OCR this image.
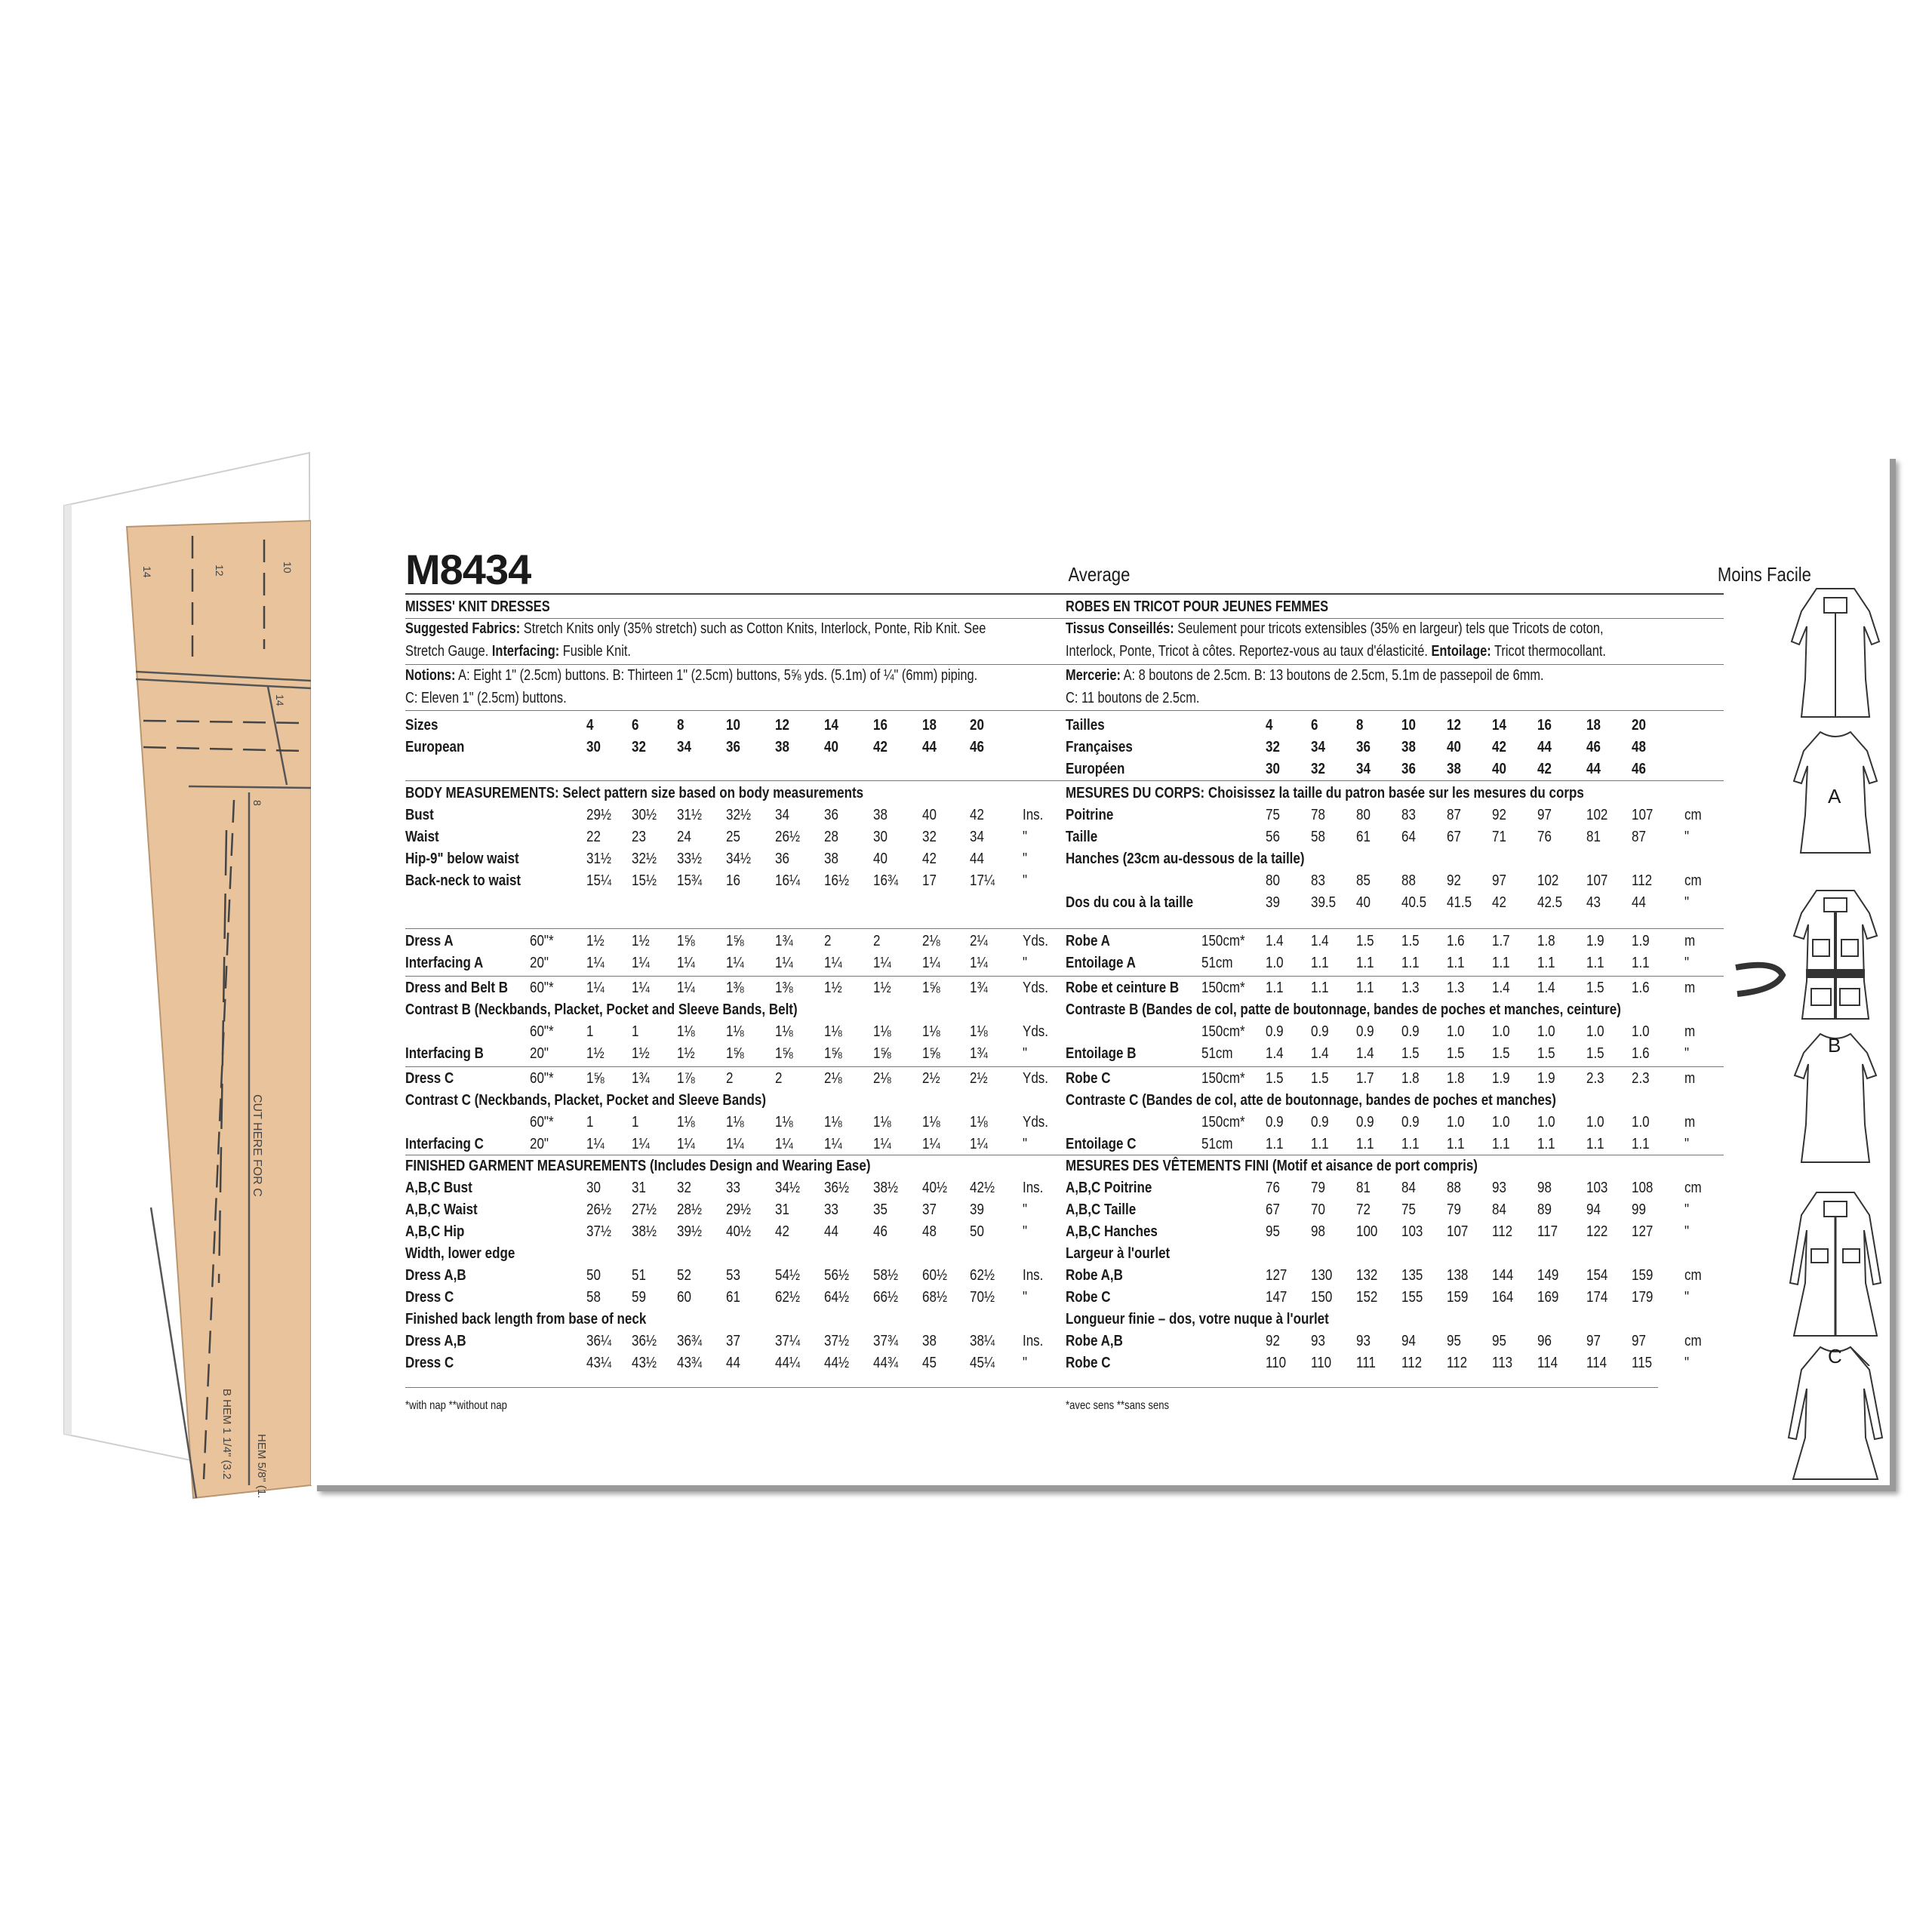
14	12	10
14
8
CUT HERE FOR C
B HEM 1 1/4" (3.2 HEM 5/8" (1.
M8434	Average
MISSES' KNIT DRESSES
Suggested Fabrics: Stretch Knits only (35% stretch) such as Cotton Knits, Interlock, Ponte, Rib Knit. See
Stretch Gauge. Interfacing: Fusible Knit.
Notions: A: Eight 1" (2.5cm) buttons. B: Thirteen 1" (2.5cm) buttons, 5⅝ yds. (5.1m) of ¼" (6mm) piping.
C: Eleven 1" (2.5cm) buttons.
Sizes	4	6	8	10 12 14 16 18 20
European	30 32 34 36 38 40 42 44 46
BODY MEASUREMENTS: Select pattern size based on body measurements
Bust	29½ 30½ 31½ 32½ 34 36 38 40 42	Ins.
Waist	22 23 24 25 26½ 28 30 32 34	"
Hip-9" below waist	31½ 32½ 33½ 34½ 36 38 40 42 44	"
Back-neck to waist	15¼ 15½ 15¾ 16 16¼ 16½ 16¾ 17 17¼ "
Dress A	60"* 1½ 1½ 1⅝ 1⅝ 1¾ 2	2	2⅛ 2¼ Yds.
Interfacing A	20"	1¼ 1¼ 1¼ 1¼ 1¼ 1¼ 1¼ 1¼ 1¼ "
Dress and Belt B 60"* 1¼ 1¼ 1¼ 1⅜ 1⅜ 1½ 1½ 1⅝ 1¾ Yds.
Contrast B (Neckbands, Placket, Pocket and Sleeve Bands, Belt)
60"* 1	1	1⅛ 1⅛ 1⅛ 1⅛ 1⅛ 1⅛ 1⅛ Yds.
Interfacing B	20"	1½ 1½ 1½ 1⅝ 1⅝ 1⅝ 1⅝ 1⅝ 1¾ "
Dress C	60"* 1⅝ 1¾ 1⅞ 2	2	2⅛ 2⅛ 2½ 2½ Yds.
Contrast C (Neckbands, Placket, Pocket and Sleeve Bands)
60"* 1	1	1⅛ 1⅛ 1⅛ 1⅛ 1⅛ 1⅛ 1⅛ Yds.
Interfacing C	20"	1¼ 1¼ 1¼ 1¼ 1¼ 1¼ 1¼ 1¼ 1¼ "
FINISHED GARMENT MEASUREMENTS (Includes Design and Wearing Ease)
A,B,C Bust	30 31 32 33 34½ 36½ 38½ 40½ 42½ Ins.
A,B,C Waist	26½ 27½ 28½ 29½ 31 33 35 37 39	"
A,B,C Hip	37½ 38½ 39½ 40½ 42 44 46 48 50	"
Width, lower edge
Dress A,B	50 51 52 53 54½ 56½ 58½ 60½ 62½ Ins.
Dress C	58 59 60 61 62½ 64½ 66½ 68½ 70½ "
Finished back length from base of neck
Dress A,B	36¼ 36½ 36¾ 37 37¼ 37½ 37¾ 38 38¼ Ins.
Dress C	43¼ 43½ 43¾ 44 44¼ 44½ 44¾ 45 45¼ "
*with nap **without nap
Moins Facile
ROBES EN TRICOT POUR JEUNES FEMMES
Tissus Conseillés: Seulement pour tricots extensibles (35% en largeur) tels que Tricots de coton,
Interlock, Ponte, Tricot à côtes. Reportez-vous au taux d'élasticité. Entoilage: Tricot thermocollant.
Mercerie: A: 8 boutons de 2.5cm. B: 13 boutons de 2.5cm, 5.1m de passepoil de 6mm.
C: 11 boutons de 2.5cm.
Tailles	4	6	8	10 12 14 16 18 20
Françaises	32 34 36 38 40 42 44 46 48
Européen	30 32 34 36 38 40 42 44 46
MESURES DU CORPS: Choisissez la taille du patron basée sur les mesures du corps
Poitrine	75 78 80 83 87 92 97 102 107 cm
Taille	56 58 61 64 67 71 76 81 87	"
Hanches (23cm au-dessous de la taille)
80 83 85 88 92 97 102 107 112 cm
Dos du cou à la taille	39 39.5 40 40.5 41.5 42 42.5 43 44	"
Robe A	150cm* 1.4 1.4 1.5 1.5 1.6 1.7 1.8 1.9 1.9 m
Entoilage A	51cm 1.0 1.1 1.1 1.1 1.1 1.1 1.1 1.1 1.1 "
Robe et ceinture B 150cm* 1.1 1.1 1.1 1.3 1.3 1.4 1.4 1.5 1.6 m
Contraste B (Bandes de col, patte de boutonnage, bandes de poches et manches, ceinture)
150cm* 0.9 0.9 0.9 0.9 1.0 1.0 1.0 1.0 1.0 m
Entoilage B	51cm 1.4 1.4 1.4 1.5 1.5 1.5 1.5 1.5 1.6 "
Robe C	150cm* 1.5 1.5 1.7 1.8 1.8 1.9 1.9 2.3 2.3 m
Contraste C (Bandes de col, atte de boutonnage, bandes de poches et manches)
150cm* 0.9 0.9 0.9 0.9 1.0 1.0 1.0 1.0 1.0 m
Entoilage C	51cm 1.1 1.1 1.1 1.1 1.1 1.1 1.1 1.1 1.1 "
MESURES DES VÊTEMENTS FINI (Motif et aisance de port compris)
A,B,C Poitrine	76 79 81 84 88 93 98 103 108 cm
A,B,C Taille	67 70 72 75 79 84 89 94 99	"
A,B,C Hanches	95 98 100 103 107 112 117 122 127 "
Largeur à l'ourlet
Robe A,B	127 130 132 135 138 144 149 154 159 cm
Robe C	147 150 152 155 159 164 169 174 179 "
Longueur finie – dos, votre nuque à l'ourlet
Robe A,B	92 93 93 94 95 95 96 97 97	cm
Robe C	110 110 111 112 112 113 114 114 115 "
*avec sens **sans sens
A
B
C
